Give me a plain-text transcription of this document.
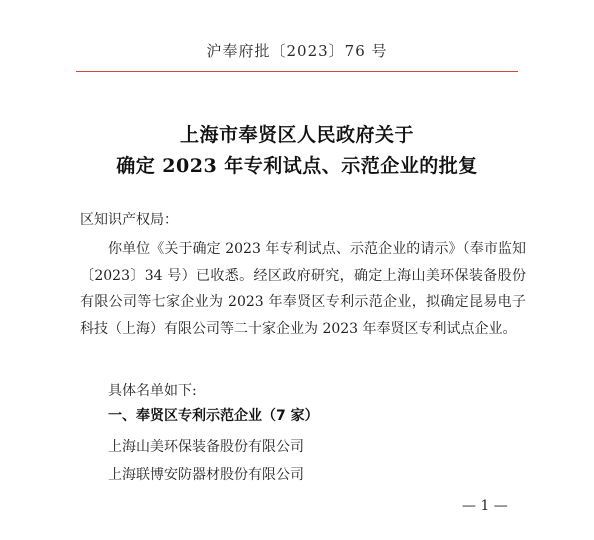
沪奉府批〔2023〕76 号
上海市奉贤区人民政府关于
确定 2023 年专利试点、示范企业的批复
区知识产权局：
你单位《关于确定 2023 年专利试点、示范企业的请示》（奉市监知〔2023〕34 号）已收悉。经区政府研究，确定上海山美环保装备股份有限公司等七家企业为 2023 年奉贤区专利示范企业，拟确定昆易电子科技（上海）有限公司等二十家企业为 2023 年奉贤区专利试点企业。
具体名单如下:
一、奉贤区专利示范企业（7 家）
上海山美环保装备股份有限公司
上海联博安防器材股份有限公司
— 1 —
